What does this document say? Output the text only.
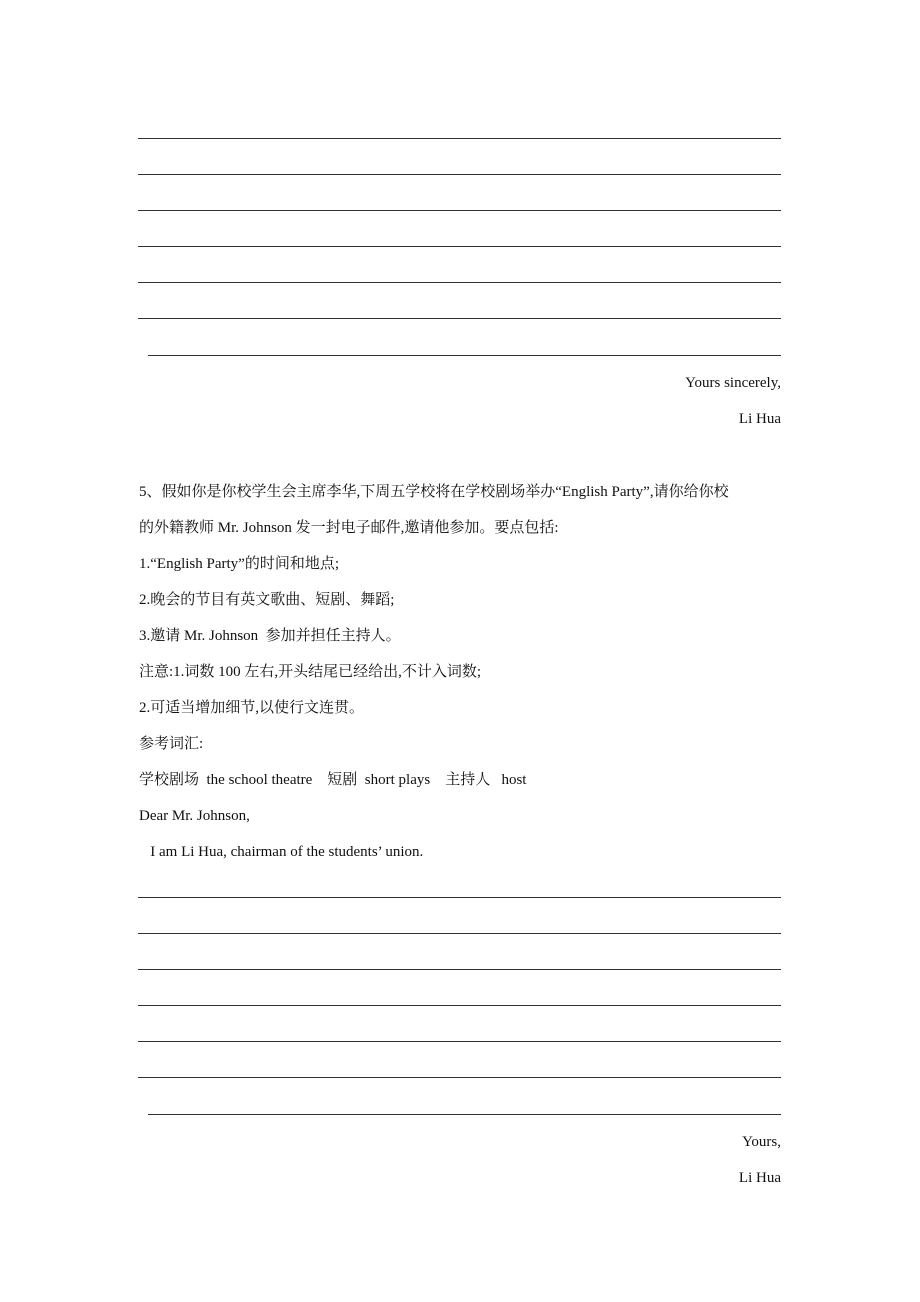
Yours sincerely,
Li Hua
5、假如你是你校学生会主席李华,下周五学校将在学校剧场举办“English Party”,请你给你校
的外籍教师 Mr. Johnson 发一封电子邮件,邀请他参加。要点包括:
1.“English Party”的时间和地点;
2.晚会的节目有英文歌曲、短剧、舞蹈;
3.邀请 Mr. Johnson  参加并担任主持人。
注意:1.词数 100 左右,开头结尾已经给出,不计入词数;
2.可适当增加细节,以使行文连贯。
参考词汇:
学校剧场  the school theatre    短剧  short plays    主持人   host
Dear Mr. Johnson,
I am Li Hua, chairman of the students’ union.
Yours,
Li Hua
